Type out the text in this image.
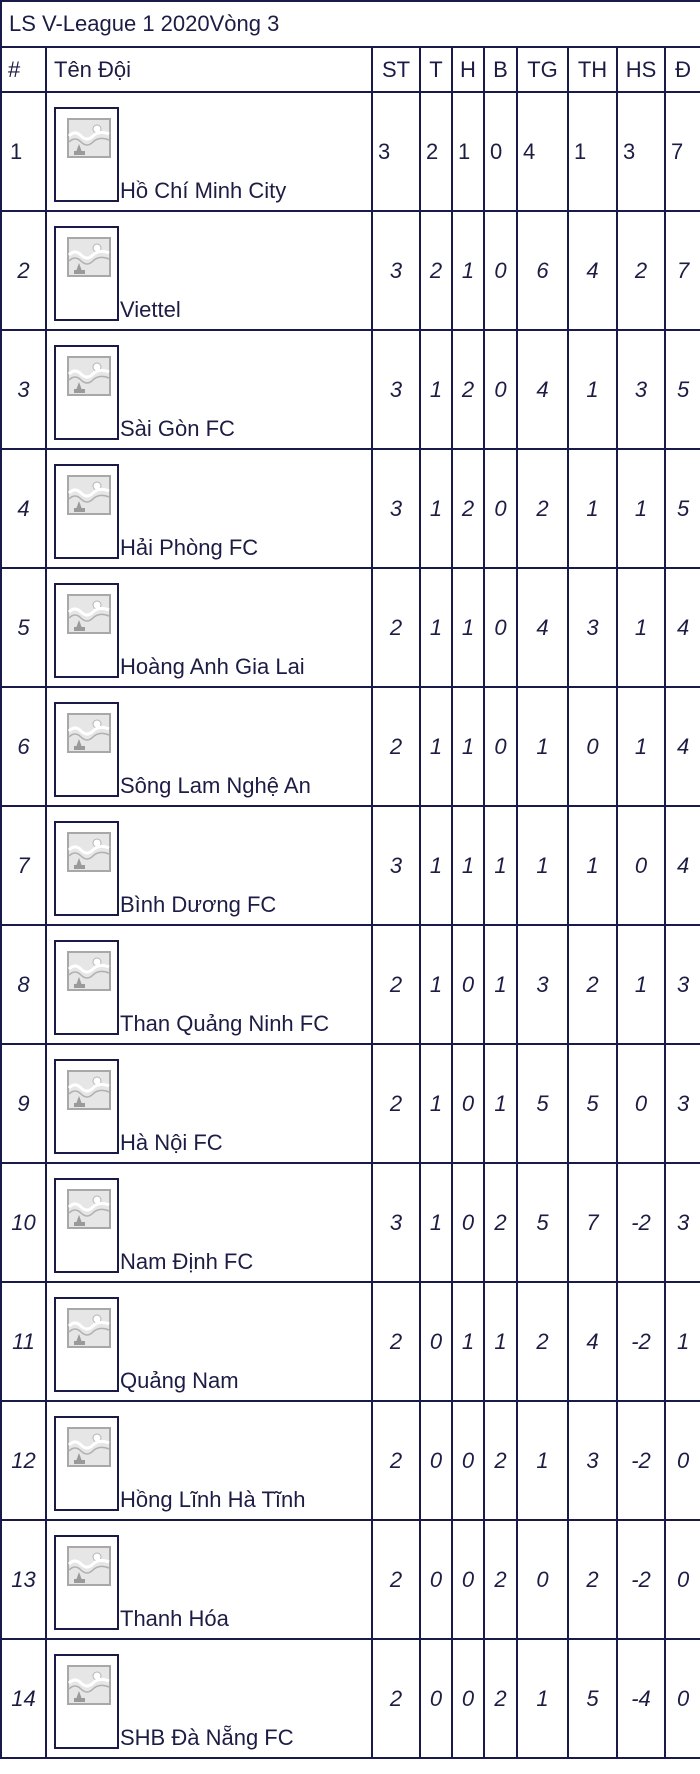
LS V-League 1 2020Vòng 3									
#	Tên Đội	ST	T	H	B	TG	TH	HS	Đ
1	Hồ Chí Minh City	3	2	1	0	4	1	3	7
2	Viettel	3	2	1	0	6	4	2	7
3	Sài Gòn FC	3	1	2	0	4	1	3	5
4	Hải Phòng FC	3	1	2	0	2	1	1	5
5	Hoàng Anh Gia Lai	2	1	1	0	4	3	1	4
6	Sông Lam Nghệ An	2	1	1	0	1	0	1	4
7	Bình Dương FC	3	1	1	1	1	1	0	4
8	Than Quảng Ninh FC	2	1	0	1	3	2	1	3
9	Hà Nội FC	2	1	0	1	5	5	0	3
10	Nam Định FC	3	1	0	2	5	7	-2	3
11	Quảng Nam	2	0	1	1	2	4	-2	1
12	Hồng Lĩnh Hà Tĩnh	2	0	0	2	1	3	-2	0
13	Thanh Hóa	2	0	0	2	0	2	-2	0
14	SHB Đà Nẵng FC	2	0	0	2	1	5	-4	0
